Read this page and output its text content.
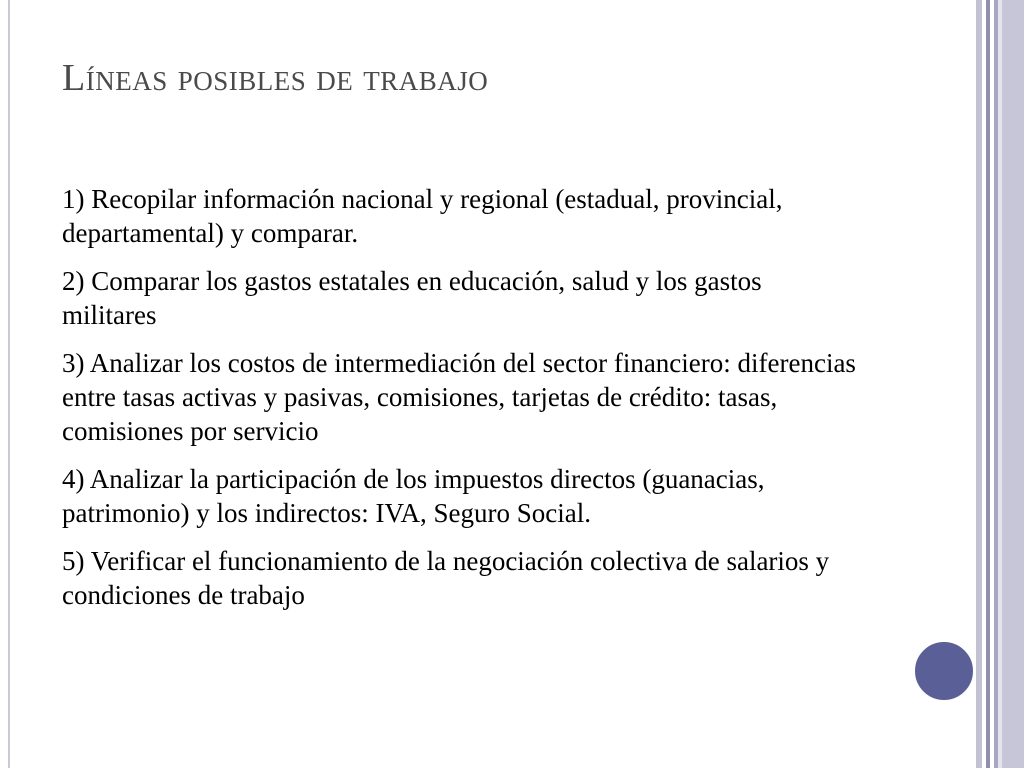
Líneas posibles de trabajo

1) Recopilar información nacional y regional (estadual, provincial, departamental) y comparar.

2) Comparar los gastos estatales en educación, salud y los gastos militares

3) Analizar los costos de intermediación del sector financiero: diferencias entre tasas activas y pasivas, comisiones, tarjetas de crédito: tasas, comisiones por servicio

4) Analizar la participación de los impuestos directos (guanacias, patrimonio) y los indirectos: IVA, Seguro Social.

5) Verificar el funcionamiento de la negociación colectiva de salarios y condiciones de trabajo
